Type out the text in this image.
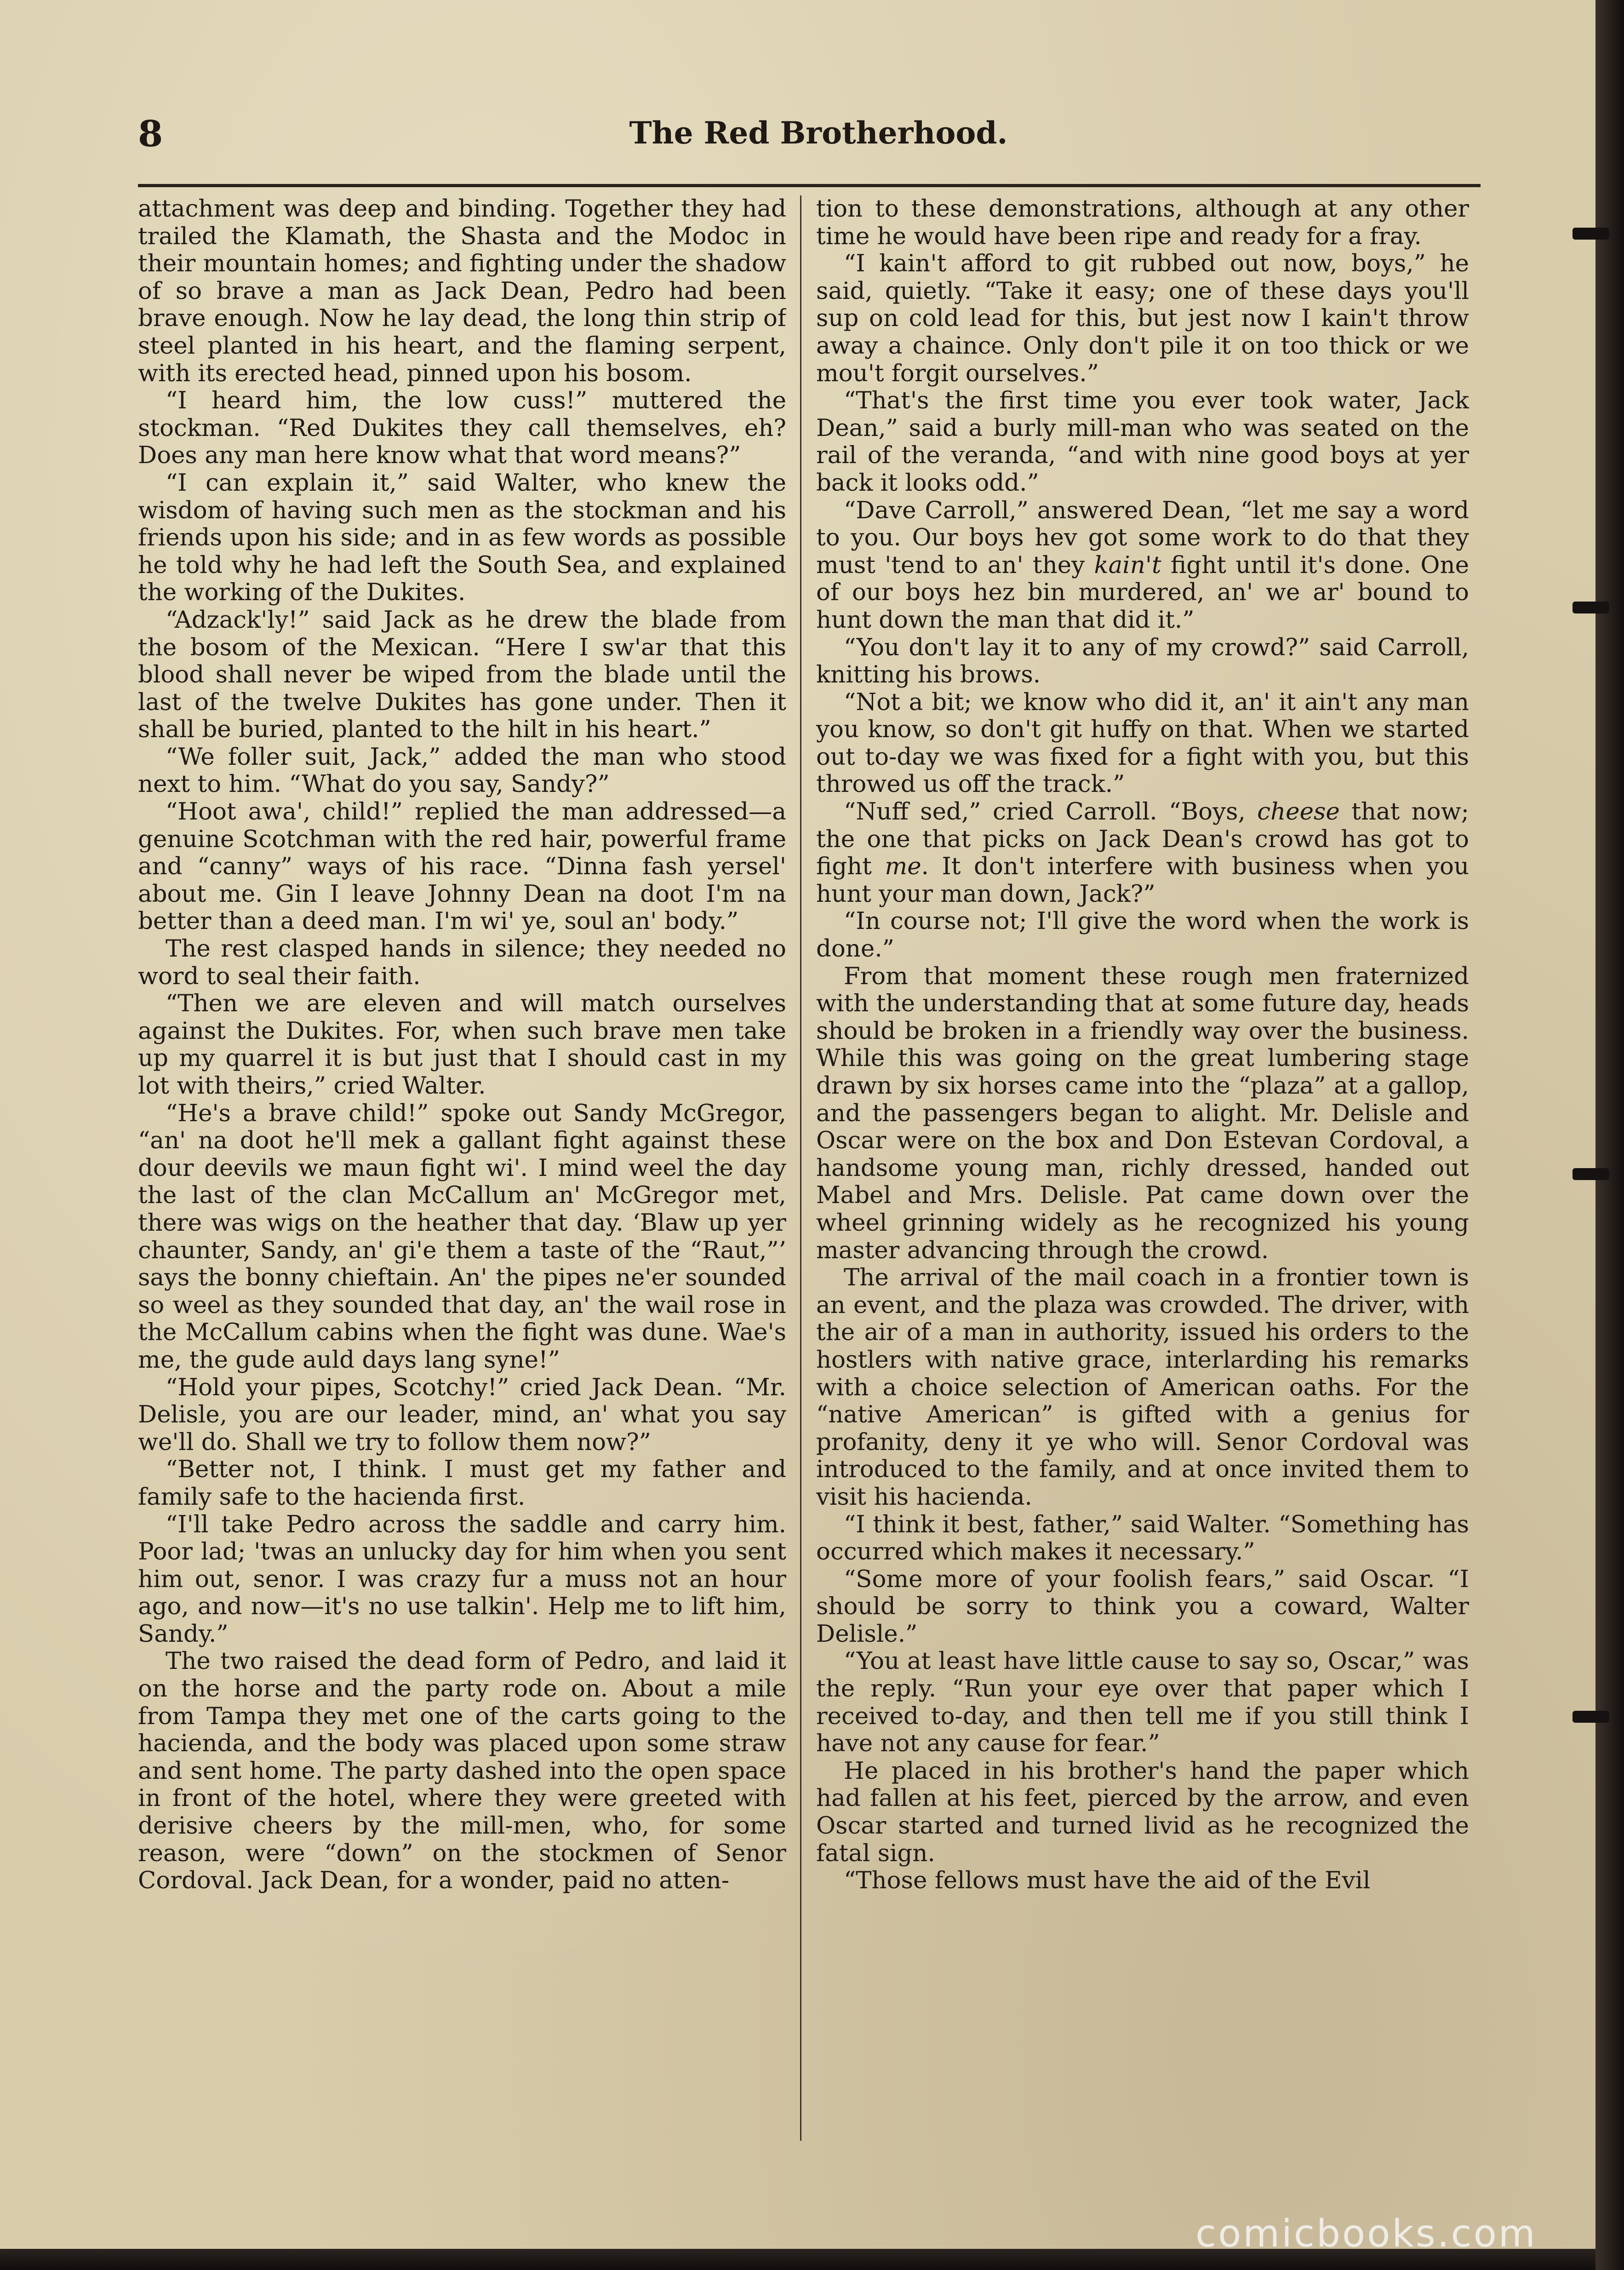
8	The Red Brotherhood.

attachment was deep and binding. Together they had trailed the Klamath, the Shasta and the Modoc in their mountain homes; and fighting under the shadow of so brave a man as Jack Dean, Pedro had been brave enough. Now he lay dead, the long thin strip of steel planted in his heart, and the flaming serpent, with its erected head, pinned upon his bosom.

“I heard him, the low cuss!” muttered the stockman. “Red Dukites they call themselves, eh? Does any man here know what that word means?”

“I can explain it,” said Walter, who knew the wisdom of having such men as the stockman and his friends upon his side; and in as few words as possible he told why he had left the South Sea, and explained the working of the Dukites.

“Adzack'ly!” said Jack as he drew the blade from the bosom of the Mexican. “Here I sw'ar that this blood shall never be wiped from the blade until the last of the twelve Dukites has gone under. Then it shall be buried, planted to the hilt in his heart.”

“We foller suit, Jack,” added the man who stood next to him. “What do you say, Sandy?”

“Hoot awa', child!” replied the man addressed—a genuine Scotchman with the red hair, powerful frame and “canny” ways of his race. “Dinna fash yersel' about me. Gin I leave Johnny Dean na doot I'm na better than a deed man. I'm wi' ye, soul an' body.”

The rest clasped hands in silence; they needed no word to seal their faith.

“Then we are eleven and will match ourselves against the Dukites. For, when such brave men take up my quarrel it is but just that I should cast in my lot with theirs,” cried Walter.

“He's a brave child!” spoke out Sandy McGregor, “an' na doot he'll mek a gallant fight against these dour deevils we maun fight wi'. I mind weel the day the last of the clan McCallum an' McGregor met, there was wigs on the heather that day. ‘Blaw up yer chaunter, Sandy, an' gi'e them a taste of the “Raut,”’ says the bonny chieftain. An' the pipes ne'er sounded so weel as they sounded that day, an' the wail rose in the McCallum cabins when the fight was dune. Wae's me, the gude auld days lang syne!”

“Hold your pipes, Scotchy!” cried Jack Dean. “Mr. Delisle, you are our leader, mind, an' what you say we'll do. Shall we try to follow them now?”

“Better not, I think. I must get my father and family safe to the hacienda first.

“I'll take Pedro across the saddle and carry him. Poor lad; 'twas an unlucky day for him when you sent him out, senor. I was crazy fur a muss not an hour ago, and now—it's no use talkin'. Help me to lift him, Sandy.”

The two raised the dead form of Pedro, and laid it on the horse and the party rode on. About a mile from Tampa they met one of the carts going to the hacienda, and the body was placed upon some straw and sent home. The party dashed into the open space in front of the hotel, where they were greeted with derisive cheers by the mill-men, who, for some reason, were “down” on the stockmen of Senor Cordoval. Jack Dean, for a wonder, paid no atten-

tion to these demonstrations, although at any other time he would have been ripe and ready for a fray.

“I kain't afford to git rubbed out now, boys,” he said, quietly. “Take it easy; one of these days you'll sup on cold lead for this, but jest now I kain't throw away a chaince. Only don't pile it on too thick or we mou't forgit ourselves.”

“That's the first time you ever took water, Jack Dean,” said a burly mill-man who was seated on the rail of the veranda, “and with nine good boys at yer back it looks odd.”

“Dave Carroll,” answered Dean, “let me say a word to you. Our boys hev got some work to do that they must 'tend to an' they kain't fight until it's done. One of our boys hez bin murdered, an' we ar' bound to hunt down the man that did it.”

“You don't lay it to any of my crowd?” said Carroll, knitting his brows.

“Not a bit; we know who did it, an' it ain't any man you know, so don't git huffy on that. When we started out to-day we was fixed for a fight with you, but this throwed us off the track.”

“Nuff sed,” cried Carroll. “Boys, cheese that now; the one that picks on Jack Dean's crowd has got to fight me. It don't interfere with business when you hunt your man down, Jack?”

“In course not; I'll give the word when the work is done.”

From that moment these rough men fraternized with the understanding that at some future day, heads should be broken in a friendly way over the business. While this was going on the great lumbering stage drawn by six horses came into the “plaza” at a gallop, and the passengers began to alight. Mr. Delisle and Oscar were on the box and Don Estevan Cordoval, a handsome young man, richly dressed, handed out Mabel and Mrs. Delisle. Pat came down over the wheel grinning widely as he recognized his young master advancing through the crowd.

The arrival of the mail coach in a frontier town is an event, and the plaza was crowded. The driver, with the air of a man in authority, issued his orders to the hostlers with native grace, interlarding his remarks with a choice selection of American oaths. For the “native American” is gifted with a genius for profanity, deny it ye who will. Senor Cordoval was introduced to the family, and at once invited them to visit his hacienda.

“I think it best, father,” said Walter. “Something has occurred which makes it necessary.”

“Some more of your foolish fears,” said Oscar. “I should be sorry to think you a coward, Walter Delisle.”

“You at least have little cause to say so, Oscar,” was the reply. “Run your eye over that paper which I received to-day, and then tell me if you still think I have not any cause for fear.”

He placed in his brother's hand the paper which had fallen at his feet, pierced by the arrow, and even Oscar started and turned livid as he recognized the fatal sign.

“Those fellows must have the aid of the Evil

comicbooks.com
